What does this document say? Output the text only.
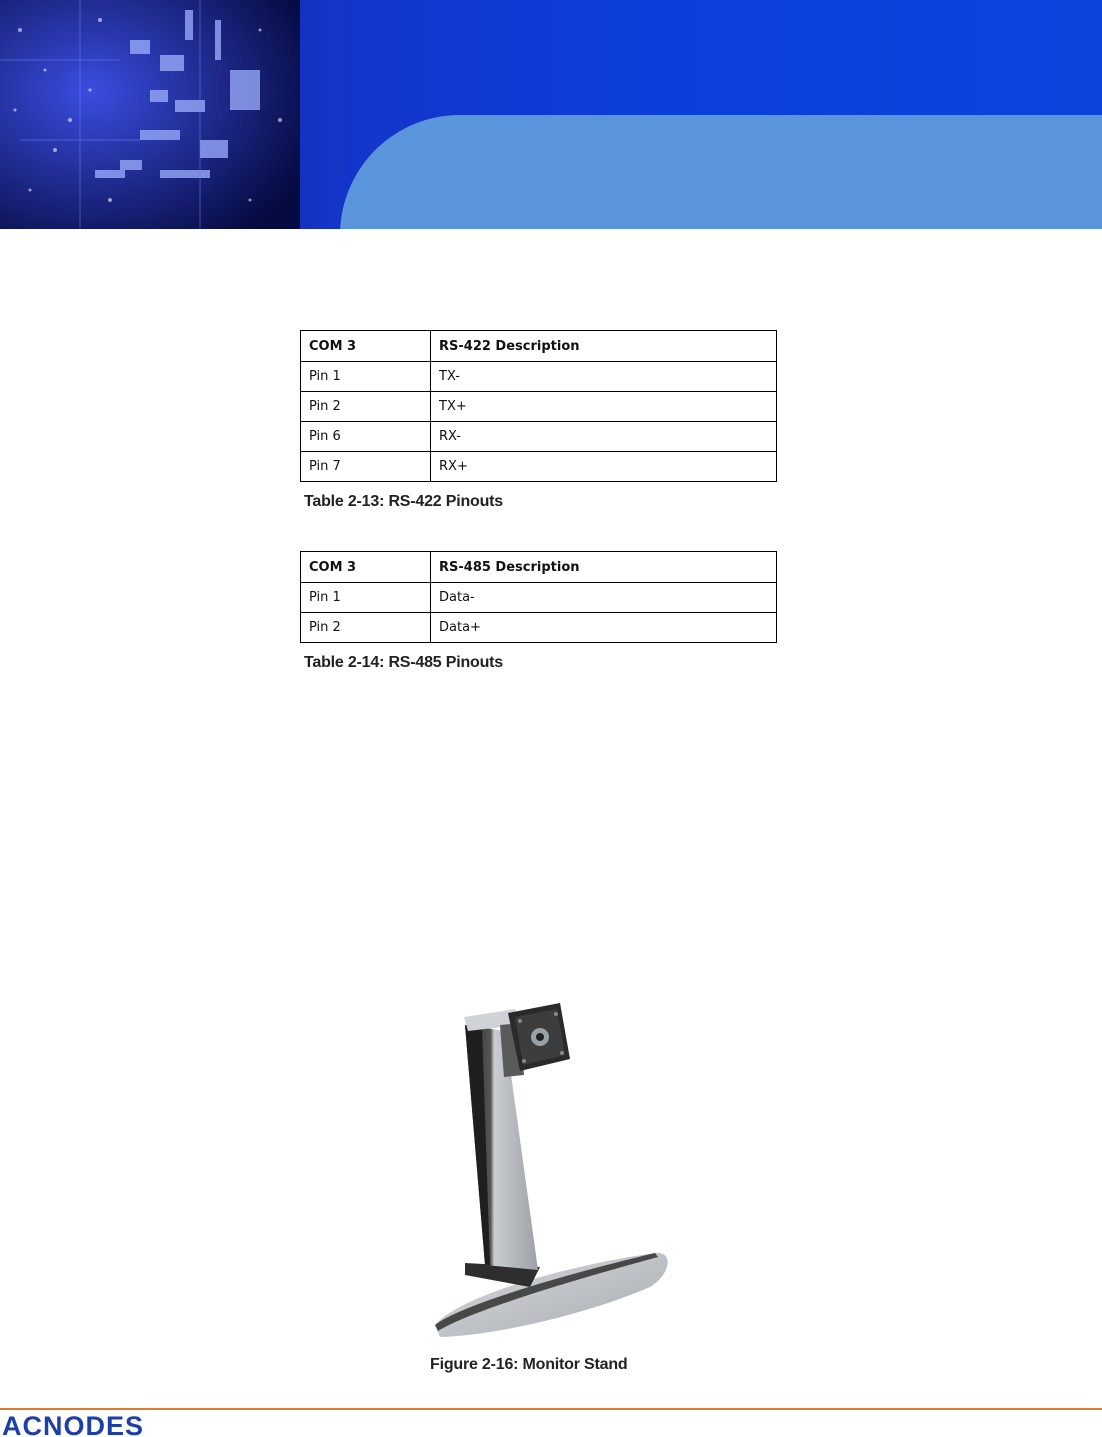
COM 3	RS-422 Description
Pin 1	TX-
Pin 2	TX+
Pin 6	RX-
Pin 7	RX+
Table 2-13: RS-422 Pinouts
COM 3	RS-485 Description
Pin 1	Data-
Pin 2	Data+
Table 2-14: RS-485 Pinouts
Figure 2-16: Monitor Stand
ACNODES
